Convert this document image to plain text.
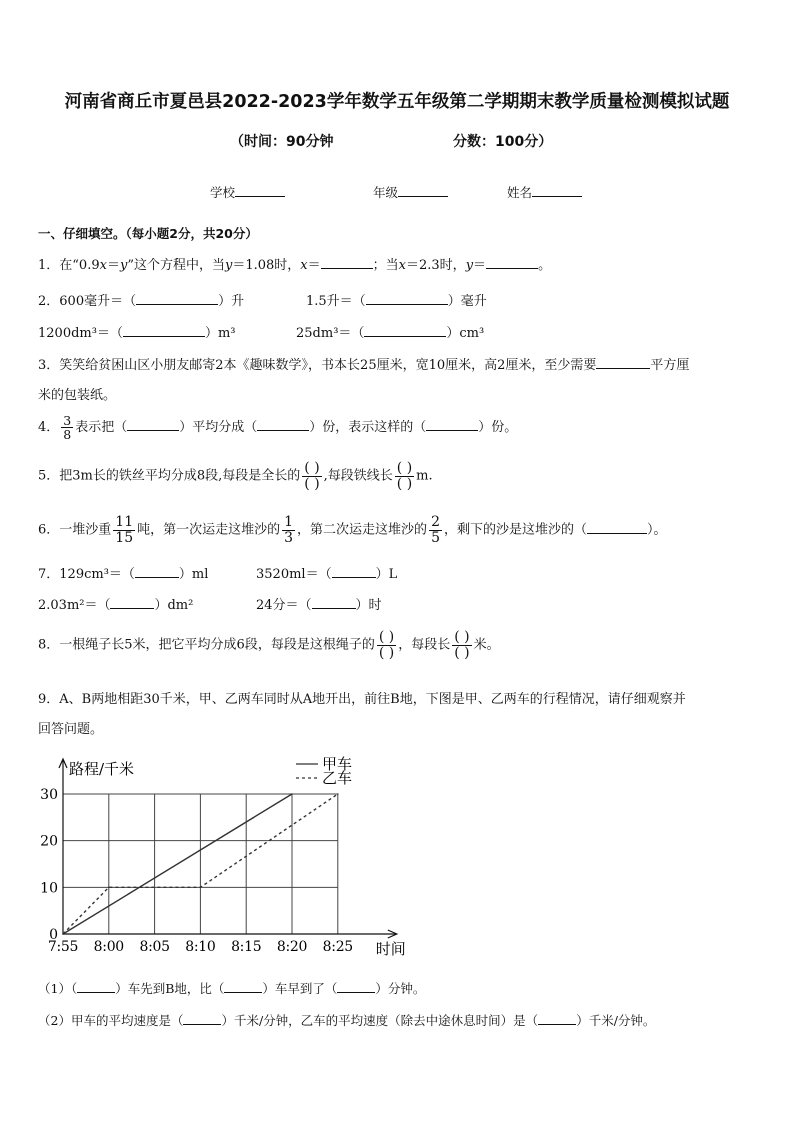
河南省商丘市夏邑县2022-2023学年数学五年级第二学期期末教学质量检测模拟试题
（时间：90分钟	分数：100分）
学校	年级	姓名
一、仔细填空。（每小题2分，共20分）
1．在“0.9x＝y”这个方程中，当y＝1.08时，x＝	；当x＝2.3时，y＝	。
2．600毫升＝（	）升	1.5升＝（	）毫升
1200dm³＝（	）m³	25dm³＝（	）cm³
3．笑笑给贫困山区小朋友邮寄2本《趣味数学》，书本长25厘米，宽10厘米，高2厘米，至少需要	平方厘
米的包装纸。
4． $\frac{3}{8}$ 表示把（	）平均分成（	）份，表示这样的（	）份。
5．把3m长的铁丝平均分成8段,每段是全长的 $\frac{( )}{( )}$ ,每段铁线长 $\frac{( )}{( )} m$.
6．一堆沙重 $\frac{11}{15}$ 吨，第一次运走这堆沙的 $\frac{1}{3}$ ，第二次运走这堆沙的 $\frac{2}{5}$ ，剩下的沙是这堆沙的（	）。
7．129cm³＝（	）ml	3520ml＝（	）L
2.03m²＝（	）dm²	24分＝（	）时
8．一根绳子长5米，把它平均分成6段，每段是这根绳子的 $\frac{( )}{( )}$ ，每段长 $\frac{( )}{( )}$ 米。
9．A、B两地相距30千米，甲、乙两车同时从A地开出，前往B地，下图是甲、乙两车的行程情况，请仔细观察并
回答问题。
0
10
20
30
7:55 8:00 8:05 8:10 8:15 8:20 8:25
路程/千米
时间
甲车
乙车
（1）（	）车先到B地，比（	）车早到了（	）分钟。
（2）甲车的平均速度是（	）千米/分钟，乙车的平均速度（除去中途休息时间）是（	）千米/分钟。
